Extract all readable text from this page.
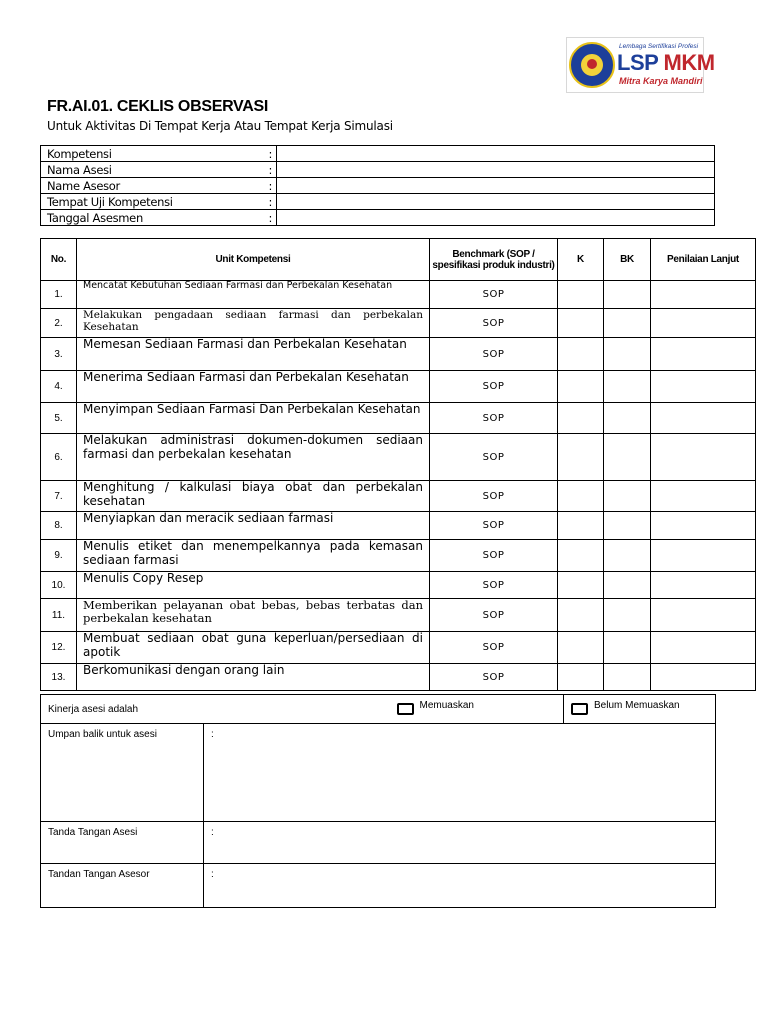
Lembaga Sertifikasi Profesi
LSP MKM
Mitra Karya Mandiri
FR.AI.01. CEKLIS OBSERVASI
Untuk Aktivitas Di Tempat Kerja Atau Tempat Kerja Simulasi
Kompetensi	:	
Nama Asesi	:	
Name Asesor	:	
Tempat Uji Kompetensi	:	
Tanggal Asesmen	:	
No.	Unit Kompetensi	Benchmark (SOP / spesifikasi produk industri)	K	BK	Penilaian Lanjut
1.	Mencatat Kebutuhan Sediaan Farmasi dan Perbekalan Kesehatan	SOP			
2.	Melakukan pengadaan sediaan farmasi dan perbekalan Kesehatan	SOP			
3.	Memesan Sediaan Farmasi dan Perbekalan Kesehatan	SOP			
4.	Menerima Sediaan Farmasi dan Perbekalan Kesehatan	SOP			
5.	Menyimpan Sediaan Farmasi Dan Perbekalan Kesehatan	SOP			
6.	Melakukan administrasi dokumen-dokumen sediaan farmasi dan perbekalan kesehatan	SOP			
7.	Menghitung / kalkulasi biaya obat dan perbekalan kesehatan	SOP			
8.	Menyiapkan dan meracik sediaan farmasi	SOP			
9.	Menulis etiket dan menempelkannya pada kemasan sediaan farmasi	SOP			
10.	Menulis Copy Resep	SOP			
11.	Memberikan pelayanan obat bebas, bebas terbatas dan perbekalan kesehatan	SOP			
12.	Membuat sediaan obat guna keperluan/persediaan di apotik	SOP			
13.	Berkomunikasi dengan orang lain	SOP			
Kinerja asesi adalah		Memuaskan	Belum Memuaskan
Umpan balik untuk asesi	:		
Tanda Tangan Asesi	:		
Tandan Tangan Asesor	:		
